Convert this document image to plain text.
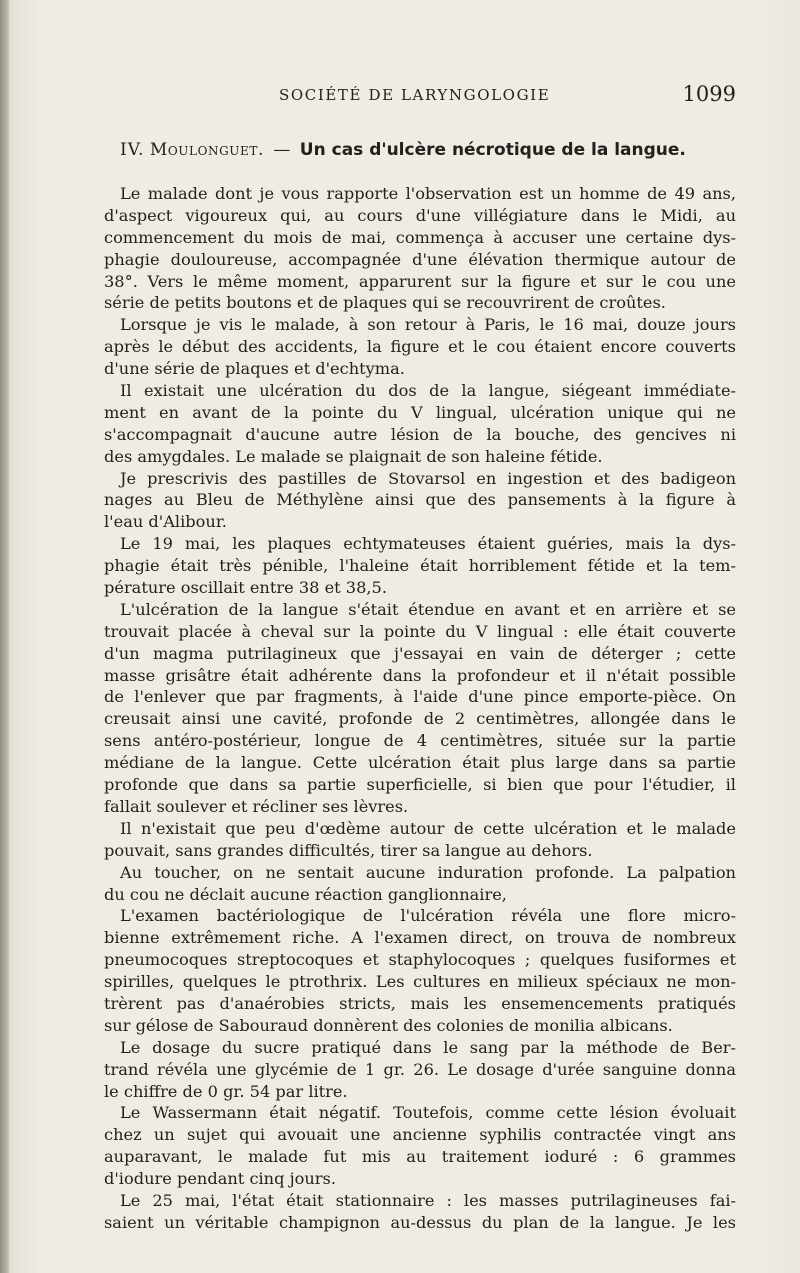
SOCIÉTÉ DE LARYNGOLOGIE	1099
IV. Moulonguet. — Un cas d'ulcère nécrotique de la langue.
Le malade dont je vous rapporte l'observation est un homme de 49 ans,
d'aspect vigoureux qui, au cours d'une villégiature dans le Midi, au
commencement du mois de mai, commença à accuser une certaine dys-
phagie douloureuse, accompagnée d'une élévation thermique autour de
38°. Vers le même moment, apparurent sur la figure et sur le cou une
série de petits boutons et de plaques qui se recouvrirent de croûtes.
Lorsque je vis le malade, à son retour à Paris, le 16 mai, douze jours
après le début des accidents, la figure et le cou étaient encore couverts
d'une série de plaques et d'echtyma.
Il existait une ulcération du dos de la langue, siégeant immédiate-
ment en avant de la pointe du V lingual, ulcération unique qui ne
s'accompagnait d'aucune autre lésion de la bouche, des gencives ni
des amygdales. Le malade se plaignait de son haleine fétide.
Je prescrivis des pastilles de Stovarsol en ingestion et des badigeon
nages au Bleu de Méthylène ainsi que des pansements à la figure à
l'eau d'Alibour.
Le 19 mai, les plaques echtymateuses étaient guéries, mais la dys-
phagie était très pénible, l'haleine était horriblement fétide et la tem-
pérature oscillait entre 38 et 38,5.
L'ulcération de la langue s'était étendue en avant et en arrière et se
trouvait placée à cheval sur la pointe du V lingual : elle était couverte
d'un magma putrilagineux que j'essayai en vain de déterger ; cette
masse grisâtre était adhérente dans la profondeur et il n'était possible
de l'enlever que par fragments, à l'aide d'une pince emporte-pièce. On
creusait ainsi une cavité, profonde de 2 centimètres, allongée dans le
sens antéro-postérieur, longue de 4 centimètres, située sur la partie
médiane de la langue. Cette ulcération était plus large dans sa partie
profonde que dans sa partie superficielle, si bien que pour l'étudier, il
fallait soulever et récliner ses lèvres.
Il n'existait que peu d'œdème autour de cette ulcération et le malade
pouvait, sans grandes difficultés, tirer sa langue au dehors.
Au toucher, on ne sentait aucune induration profonde. La palpation
du cou ne déclait aucune réaction ganglionnaire,
L'examen bactériologique de l'ulcération révéla une flore micro-
bienne extrêmement riche. A l'examen direct, on trouva de nombreux
pneumocoques streptocoques et staphylocoques ; quelques fusiformes et
spirilles, quelques le ptrothrix. Les cultures en milieux spéciaux ne mon-
trèrent pas d'anaérobies stricts, mais les ensemencements pratiqués
sur gélose de Sabouraud donnèrent des colonies de monilia albicans.
Le dosage du sucre pratiqué dans le sang par la méthode de Ber-
trand révéla une glycémie de 1 gr. 26. Le dosage d'urée sanguine donna
le chiffre de 0 gr. 54 par litre.
Le Wassermann était négatif. Toutefois, comme cette lésion évoluait
chez un sujet qui avouait une ancienne syphilis contractée vingt ans
auparavant, le malade fut mis au traitement ioduré : 6 grammes
d'iodure pendant cinq jours.
Le 25 mai, l'état était stationnaire : les masses putrilagineuses fai-
saient un véritable champignon au-dessus du plan de la langue. Je les
